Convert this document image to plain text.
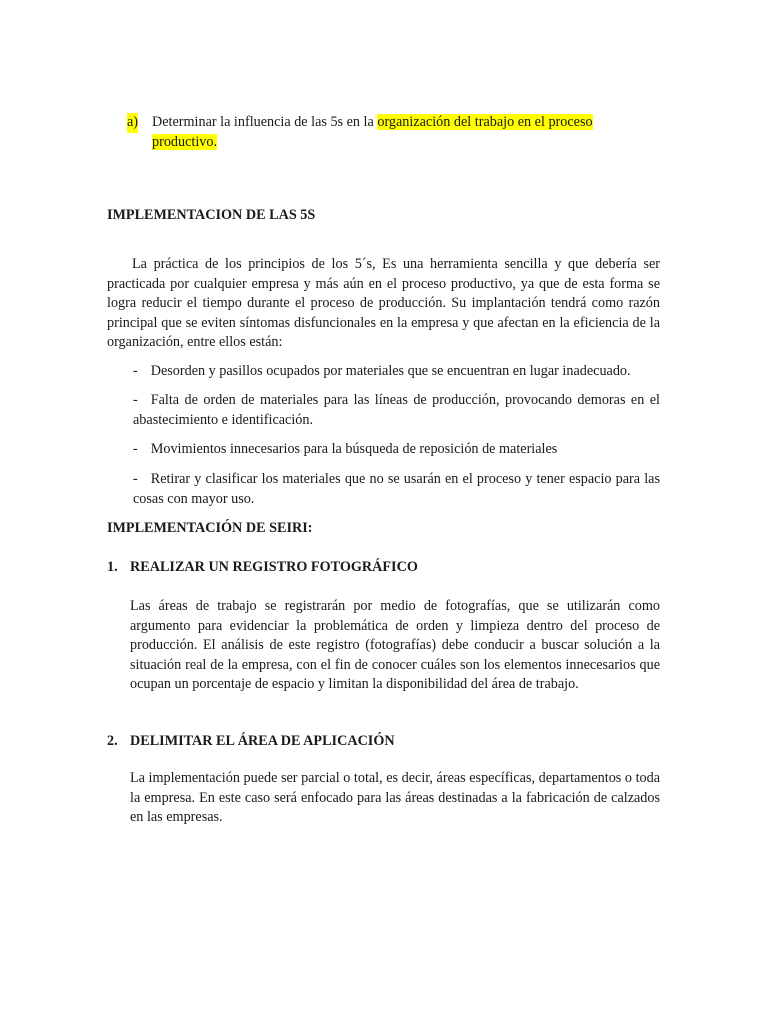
a) Determinar la influencia de las 5s en la organización del trabajo en el proceso
productivo.
IMPLEMENTACION DE LAS 5S
La práctica de los principios de los 5´s, Es una herramienta sencilla y que debería ser practicada por cualquier empresa y más aún en el proceso productivo, ya que de esta forma se logra reducir el tiempo durante el proceso de producción. Su implantación tendrá como razón principal que se eviten síntomas disfuncionales en la empresa y que afectan en la eficiencia de la organización, entre ellos están:
- Desorden y pasillos ocupados por materiales que se encuentran en lugar inadecuado.
- Falta de orden de materiales para las líneas de producción, provocando demoras en el abastecimiento e identificación.
- Movimientos innecesarios para la búsqueda de reposición de materiales
- Retirar y clasificar los materiales que no se usarán en el proceso y tener espacio para las cosas con mayor uso.
IMPLEMENTACIÓN DE SEIRI:
1. REALIZAR UN REGISTRO FOTOGRÁFICO
Las áreas de trabajo se registrarán por medio de fotografías, que se utilizarán como argumento para evidenciar la problemática de orden y limpieza dentro del proceso de producción. El análisis de este registro (fotografías) debe conducir a buscar solución a la situación real de la empresa, con el fin de conocer cuáles son los elementos innecesarios que ocupan un porcentaje de espacio y limitan la disponibilidad del área de trabajo.
2. DELIMITAR EL ÁREA DE APLICACIÓN
La implementación puede ser parcial o total, es decir, áreas específicas, departamentos o toda la empresa. En este caso será enfocado para las áreas destinadas a la fabricación de calzados en las empresas.
